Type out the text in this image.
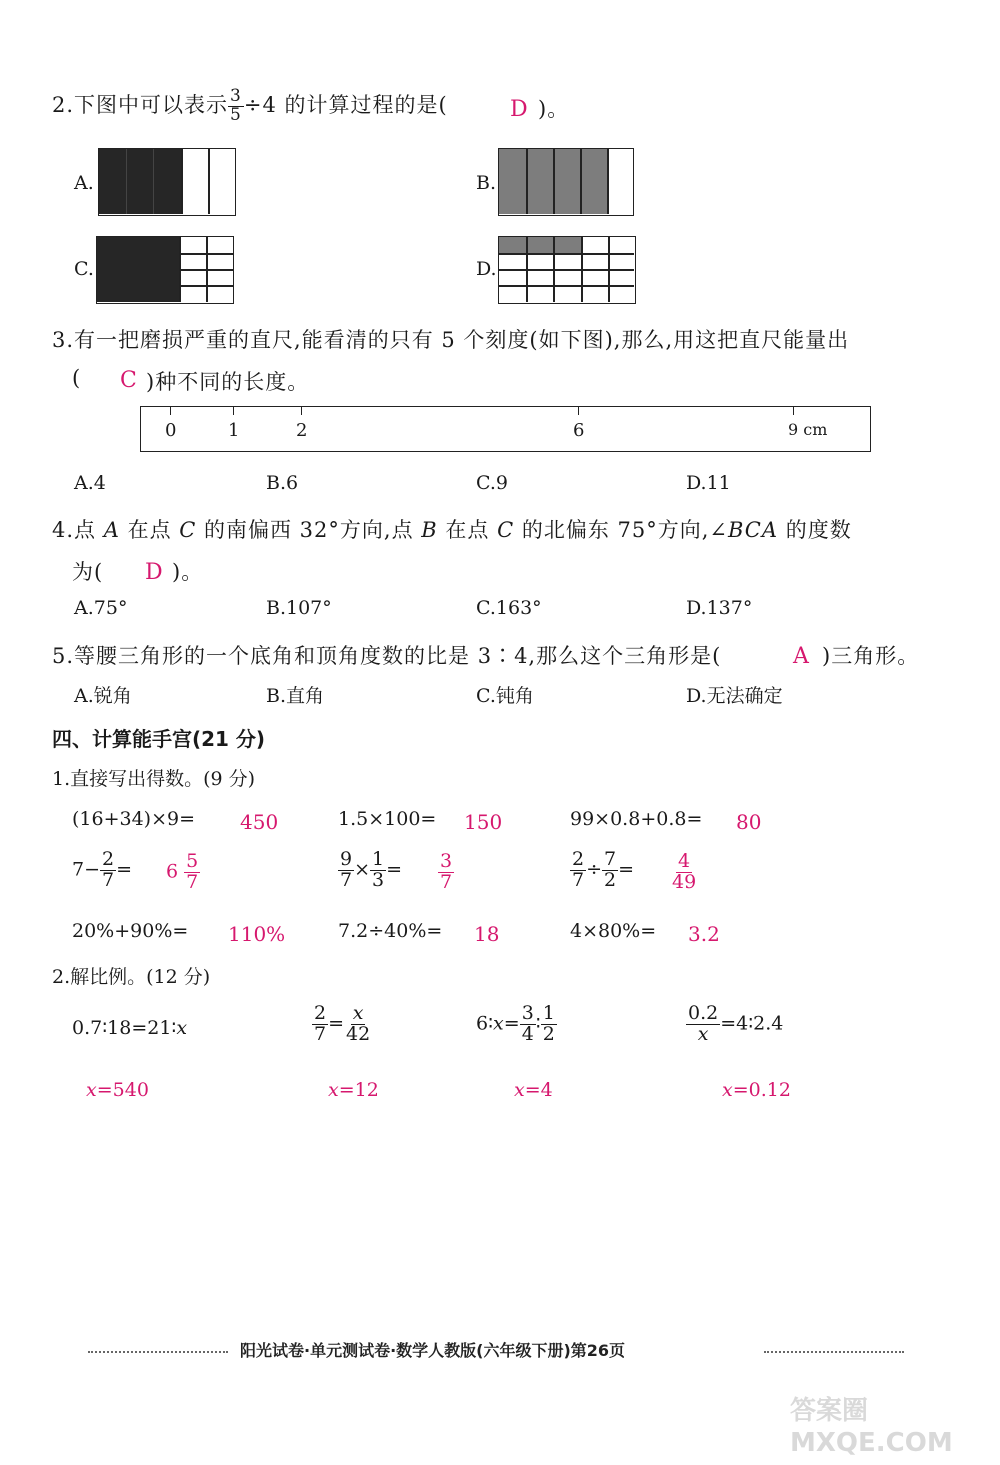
2.下图中可以表示 $\frac{3}{5} \div 4$ 的计算过程的是(	D )。
A.	B.
C.	D.
3.有一把磨损严重的直尺,能看清的只有 5 个刻度(如下图),那么,用这把直尺能量出
( C )种不同的长度。
0	1	2	6	9 cm
A.4	B.6	C.9	D.11
4.点 A 在点 C 的南偏西 32°方向,点 B 在点 C 的北偏东 75°方向,∠BCA 的度数
为( D )。
A.75°	B.107°	C.163°	D.137°
5.等腰三角形的一个底角和顶角度数的比是 3∶4,那么这个三角形是(	A )三角形。
A.锐角	B.直角	C.钝角	D.无法确定
四、计算能手宫(21 分)
1.直接写出得数。(9 分)
(16+34)×9= 450	1.5×100= 150	99×0.8+0.8= 80
$7- \frac{2}{7} = 6 \frac{5}{7}$	$\frac{9}{7} \times \frac{1}{3} = \frac{3}{7}$	$\frac{2}{7} \div \frac{7}{2} = \frac{4}{49}$
20%+90%= 110%	7.2÷40%= 18	4×80%= 3.2
2.解比例。(12 分)
0.7∶18=21∶x	$\frac{2}{7} = \frac{x}{42}$	6∶x= $\frac{3}{4}$ ∶ $\frac{1}{2}$	$\frac{0.2}{x}$ =4∶2.4
x=540	x=12	x=4	x=0.12
阳光试卷·单元测试卷·数学人教版(六年级下册)第26页
答案圈 MXQE.COM
